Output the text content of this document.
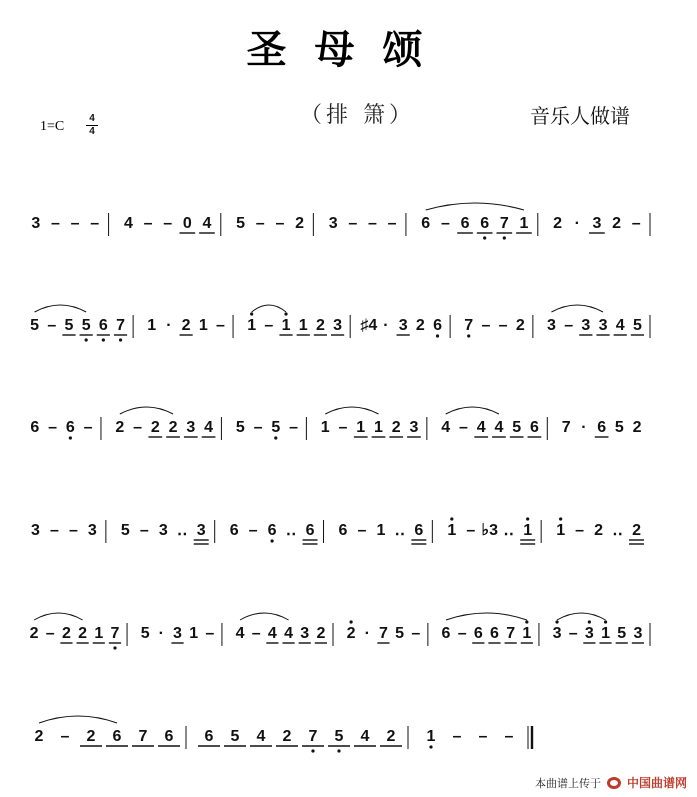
圣母颂
（排 箫）	音乐人做谱
1=C
4
4
3 – – – 4 – – 0 4 5 – – 2 3 – – – 6 – 6 6 7 1 2 · 3 2 –
5 – 5 5 6 7 1 · 2 1 – 1 – 1 1 2 3 ♯4 · 3 2 6 7 – – 2 3 – 3 3 4 5
6 – 6 – 2 – 2 2 3 4 5 – 5 – 1 – 1 1 2 3 4 – 4 4 5 6 7 · 6 5 2
3 – – 3 5 – 3 ‥ 3 6 – 6 ‥ 6 6 – 1 ‥ 6 1 – ♭3 ‥ 1 1 – 2 ‥ 2
2 – 2 2 1 7 5 · 3 1 – 4 – 4 4 3 2 2 · 7 5 – 6 – 6 6 7 1 3 – 3 1 5 3
2 – 2 6 7 6 6 5 4 2 7 5 4 2 1 – – –
本曲谱上传于 中国曲谱网
